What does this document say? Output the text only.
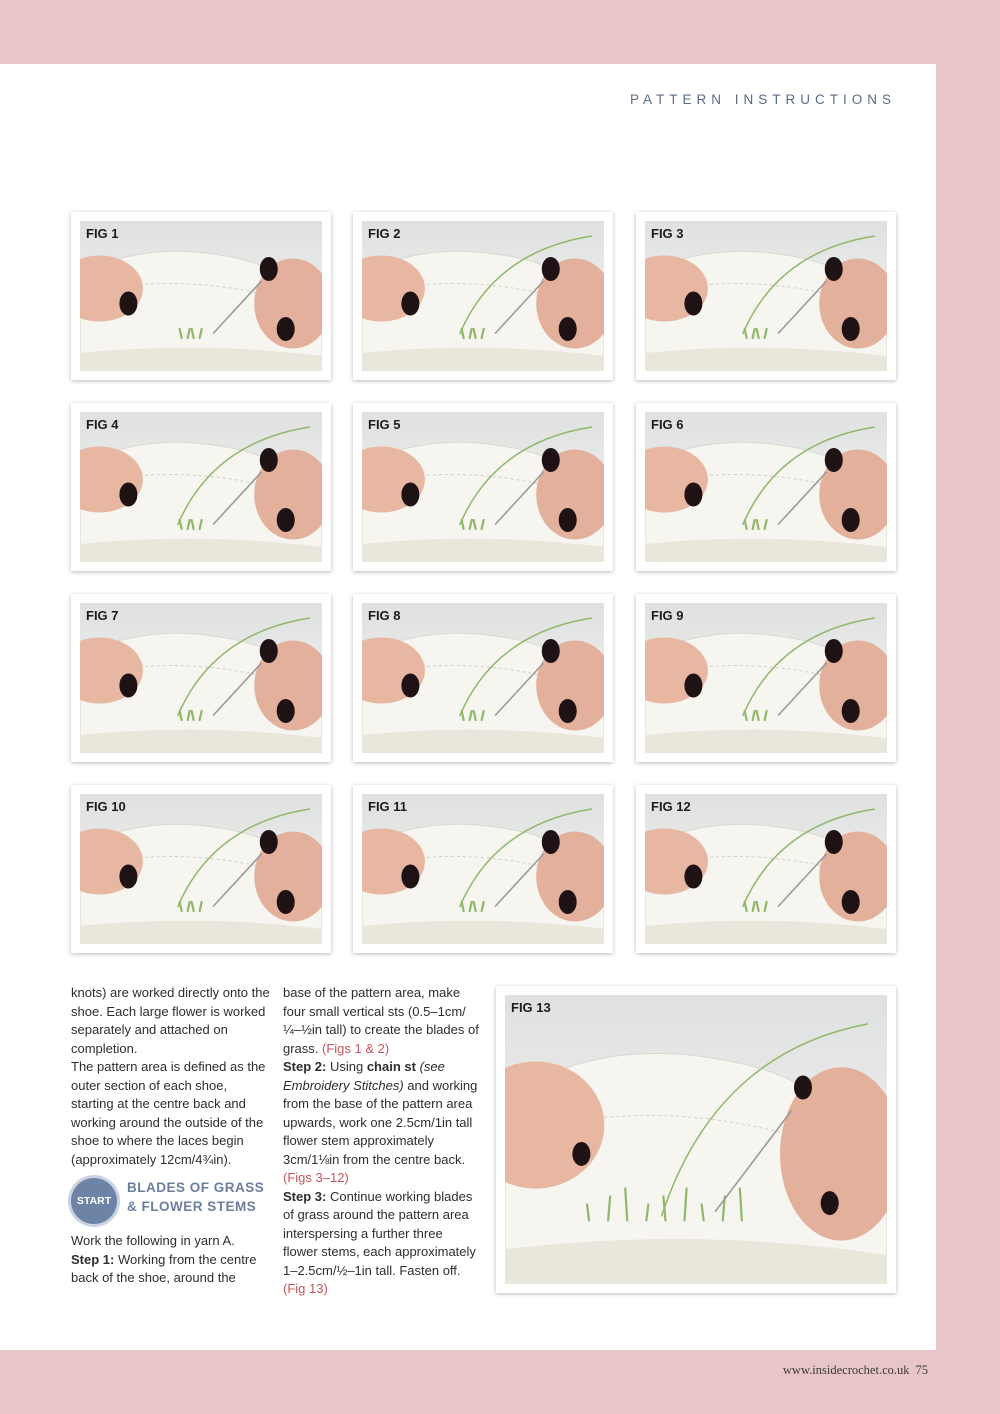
PATTERN INSTRUCTIONS
FIG 1	FIG 2	FIG 3
FIG 4	FIG 5	FIG 6
FIG 7	FIG 8	FIG 9
FIG 10	FIG 11	FIG 12
FIG 13

knots) are worked directly onto the shoe. Each large flower is worked separately and attached on completion.

The pattern area is defined as the outer section of each shoe, starting at the centre back and working around the outside of the shoe to where the laces begin (approximately 12cm/4¾in).

START
BLADES OF GRASS & FLOWER STEMS

Work the following in yarn A.

Step 1: Working from the centre back of the shoe, around the

base of the pattern area, make four small vertical sts (0.5–1cm/ ¼–½in tall) to create the blades of grass. (Figs 1 & 2)

Step 2: Using chain st (see Embroidery Stitches) and working from the base of the pattern area upwards, work one 2.5cm/1in tall flower stem approximately 3cm/1⅛in from the centre back. (Figs 3–12)

Step 3: Continue working blades of grass around the pattern area interspersing a further three flower stems, each approximately 1–2.5cm/½–1in tall. Fasten off. (Fig 13)

www.insidecrochet.co.uk 75
